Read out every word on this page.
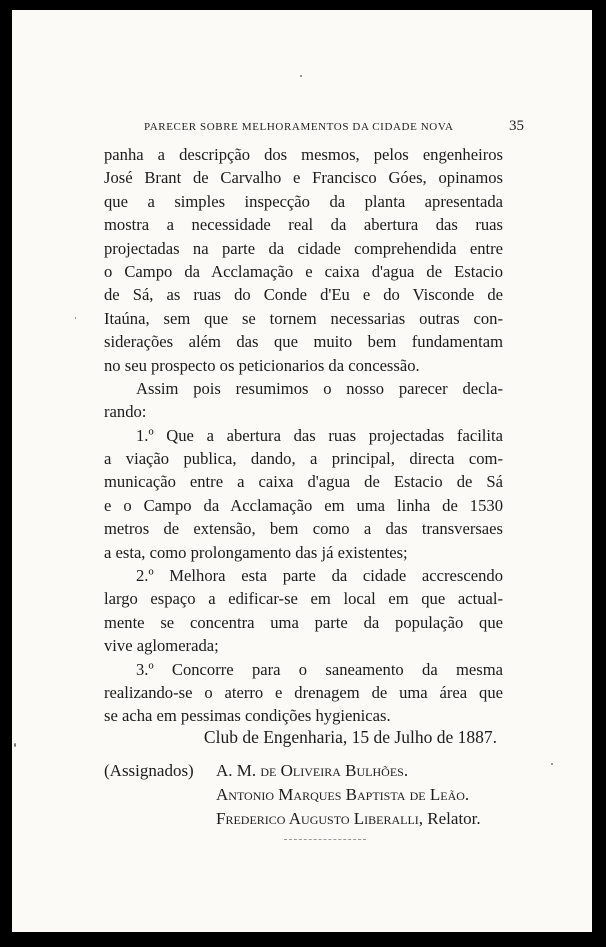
PARECER SOBRE MELHORAMENTOS DA CIDADE NOVA	35
panha a descripção dos mesmos, pelos engenheiros
José Brant de Carvalho e Francisco Góes, opinamos
que a simples inspecção da planta apresentada
mostra a necessidade real da abertura das ruas
projectadas na parte da cidade comprehendida entre
o Campo da Acclamação e caixa d'agua de Estacio
de Sá, as ruas do Conde d'Eu e do Visconde de
Itaúna, sem que se tornem necessarias outras con-
siderações além das que muito bem fundamentam
no seu prospecto os peticionarios da concessão.
Assim pois resumimos o nosso parecer decla-
rando:
1.º Que a abertura das ruas projectadas facilita
a viação publica, dando, a principal, directa com-
municação entre a caixa d'agua de Estacio de Sá
e o Campo da Acclamação em uma linha de 1530
metros de extensão, bem como a das transversaes
a esta, como prolongamento das já existentes;
2.º Melhora esta parte da cidade accrescendo
largo espaço a edificar-se em local em que actual-
mente se concentra uma parte da população que
vive aglomerada;
3.º Concorre para o saneamento da mesma
realizando-se o aterro e drenagem de uma área que
se acha em pessimas condições hygienicas.
Club de Engenharia, 15 de Julho de 1887.
(Assignados) A. M. de Oliveira Bulhões.
Antonio Marques Baptista de Leão.
Frederico Augusto Liberalli, Relator.
